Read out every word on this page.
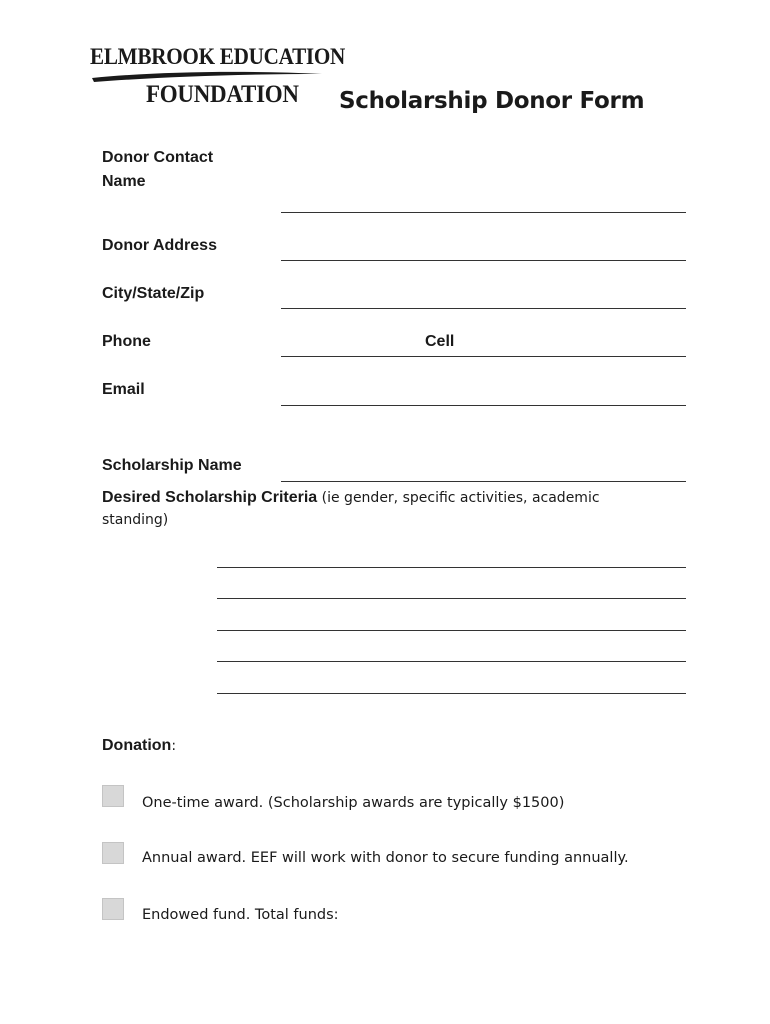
ELMBROOK EDUCATION
FOUNDATION Scholarship Donor Form
Donor Contact
Name
Donor Address
City/State/Zip
Phone	Cell
Email
Scholarship Name
Desired Scholarship Criteria (ie gender, specific activities, academic
standing)
Donation:
One-time award. (Scholarship awards are typically $1500)
Annual award. EEF will work with donor to secure funding annually.
Endowed fund. Total funds:
